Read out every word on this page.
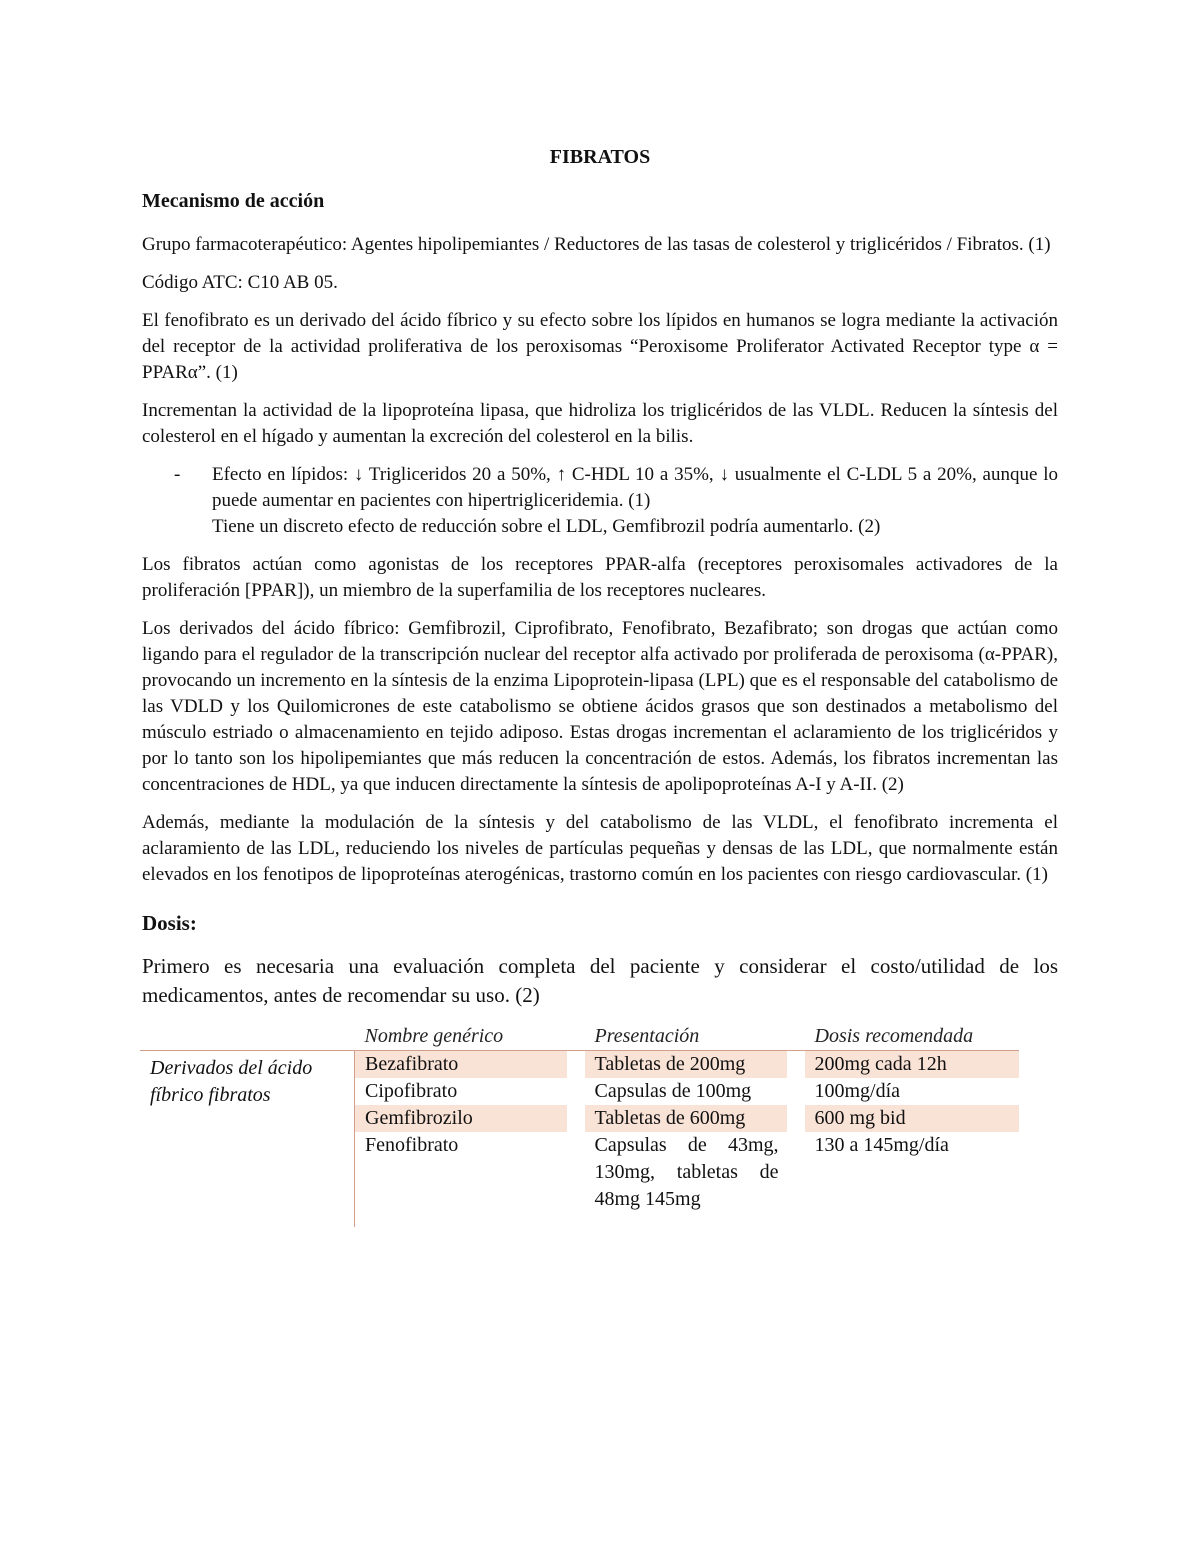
FIBRATOS
Mecanismo de acción

Grupo farmacoterapéutico: Agentes hipolipemiantes / Reductores de las tasas de colesterol y triglicéridos / Fibratos. (1)

Código ATC: C10 AB 05.

El fenofibrato es un derivado del ácido fíbrico y su efecto sobre los lípidos en humanos se logra mediante la activación del receptor de la actividad proliferativa de los peroxisomas “Peroxisome Proliferator Activated Receptor type α = PPARα”. (1)

Incrementan la actividad de la lipoproteína lipasa, que hidroliza los triglicéridos de las VLDL. Reducen la síntesis del colesterol en el hígado y aumentan la excreción del colesterol en la bilis.

-	Efecto en lípidos: ↓ Trigliceridos 20 a 50%, ↑ C-HDL 10 a 35%, ↓ usualmente el C-LDL 5 a 20%, aunque lo puede aumentar en pacientes con hipertrigliceridemia. (1)
Tiene un discreto efecto de reducción sobre el LDL, Gemfibrozil podría aumentarlo. (2)

Los fibratos actúan como agonistas de los receptores PPAR-alfa (receptores peroxisomales activadores de la proliferación [PPAR]), un miembro de la superfamilia de los receptores nucleares.

Los derivados del ácido fíbrico: Gemfibrozil, Ciprofibrato, Fenofibrato, Bezafibrato; son drogas que actúan como ligando para el regulador de la transcripción nuclear del receptor alfa activado por proliferada de peroxisoma (α-PPAR), provocando un incremento en la síntesis de la enzima Lipoprotein-lipasa (LPL) que es el responsable del catabolismo de las VDLD y los Quilomicrones de este catabolismo se obtiene ácidos grasos que son destinados a metabolismo del músculo estriado o almacenamiento en tejido adiposo. Estas drogas incrementan el aclaramiento de los triglicéridos y por lo tanto son los hipolipemiantes que más reducen la concentración de estos. Además, los fibratos incrementan las concentraciones de HDL, ya que inducen directamente la síntesis de apolipoproteínas A-I y A-II. (2)

Además, mediante la modulación de la síntesis y del catabolismo de las VLDL, el fenofibrato incrementa el aclaramiento de las LDL, reduciendo los niveles de partículas pequeñas y densas de las LDL, que normalmente están elevados en los fenotipos de lipoproteínas aterogénicas, trastorno común en los pacientes con riesgo cardiovascular. (1)

Dosis:

Primero es necesaria una evaluación completa del paciente y considerar el costo/utilidad de los medicamentos, antes de recomendar su uso. (2)

	Nombre genérico		Presentación		Dosis recomendada
Derivados del ácido fíbrico fibratos	Bezafibrato		Tabletas de 200mg		200mg cada 12h
	Cipofibrato		Capsulas de 100mg		100mg/día
	Gemfibrozilo		Tabletas de 600mg		600 mg bid
	Fenofibrato		Capsulas de 43mg, 130mg, tabletas de 48mg 145mg		130 a 145mg/día
